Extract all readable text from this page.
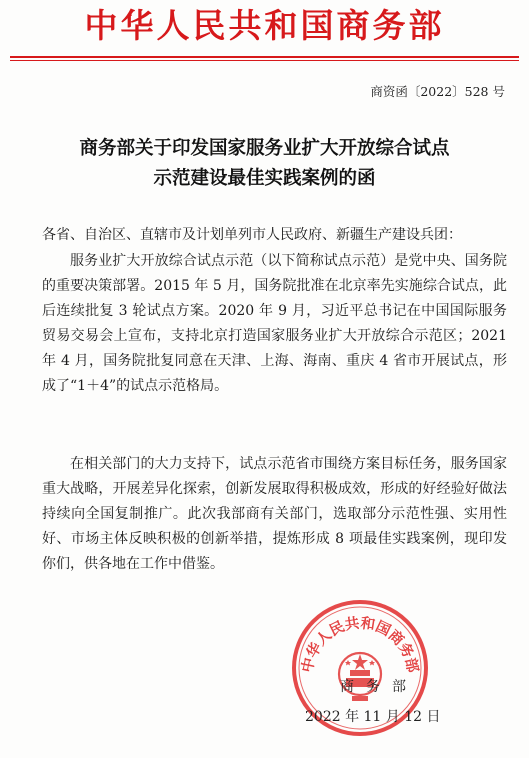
中华人民共和国商务部
商资函〔2022〕528 号
商务部关于印发国家服务业扩大开放综合试点
示范建设最佳实践案例的函
各省、自治区、直辖市及计划单列市人民政府、新疆生产建设兵团：

服务业扩大开放综合试点示范（以下简称试点示范）是党中央、国务院的重要决策部署。2015 年 5 月，国务院批准在北京率先实施综合试点，此后连续批复 3 轮试点方案。2020 年 9 月，习近平总书记在中国国际服务贸易交易会上宣布，支持北京打造国家服务业扩大开放综合示范区；2021 年 4 月，国务院批复同意在天津、上海、海南、重庆 4 省市开展试点，形成了“1＋4”的试点示范格局。

在相关部门的大力支持下，试点示范省市围绕方案目标任务，服务国家重大战略，开展差异化探索，创新发展取得积极成效，形成的好经验好做法持续向全国复制推广。此次我部商有关部门，选取部分示范性强、实用性好、市场主体反映积极的创新举措，提炼形成 8 项最佳实践案例，现印发你们，供各地在工作中借鉴。

中华人民共和国商务部
商务部
2022 年 11 月 12 日
